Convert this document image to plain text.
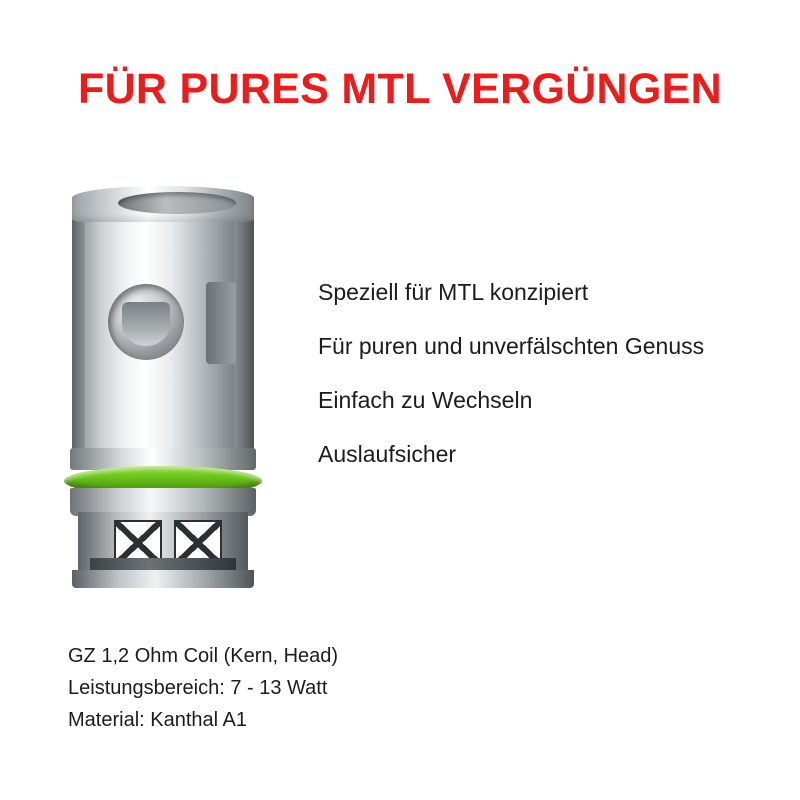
FÜR PURES MTL VERGÜNGEN
Speziell für MTL konzipiert
Für puren und unverfälschten Genuss
Einfach zu Wechseln
Auslaufsicher
GZ 1,2 Ohm Coil (Kern, Head)
Leistungsbereich: 7 - 13 Watt
Material: Kanthal A1
